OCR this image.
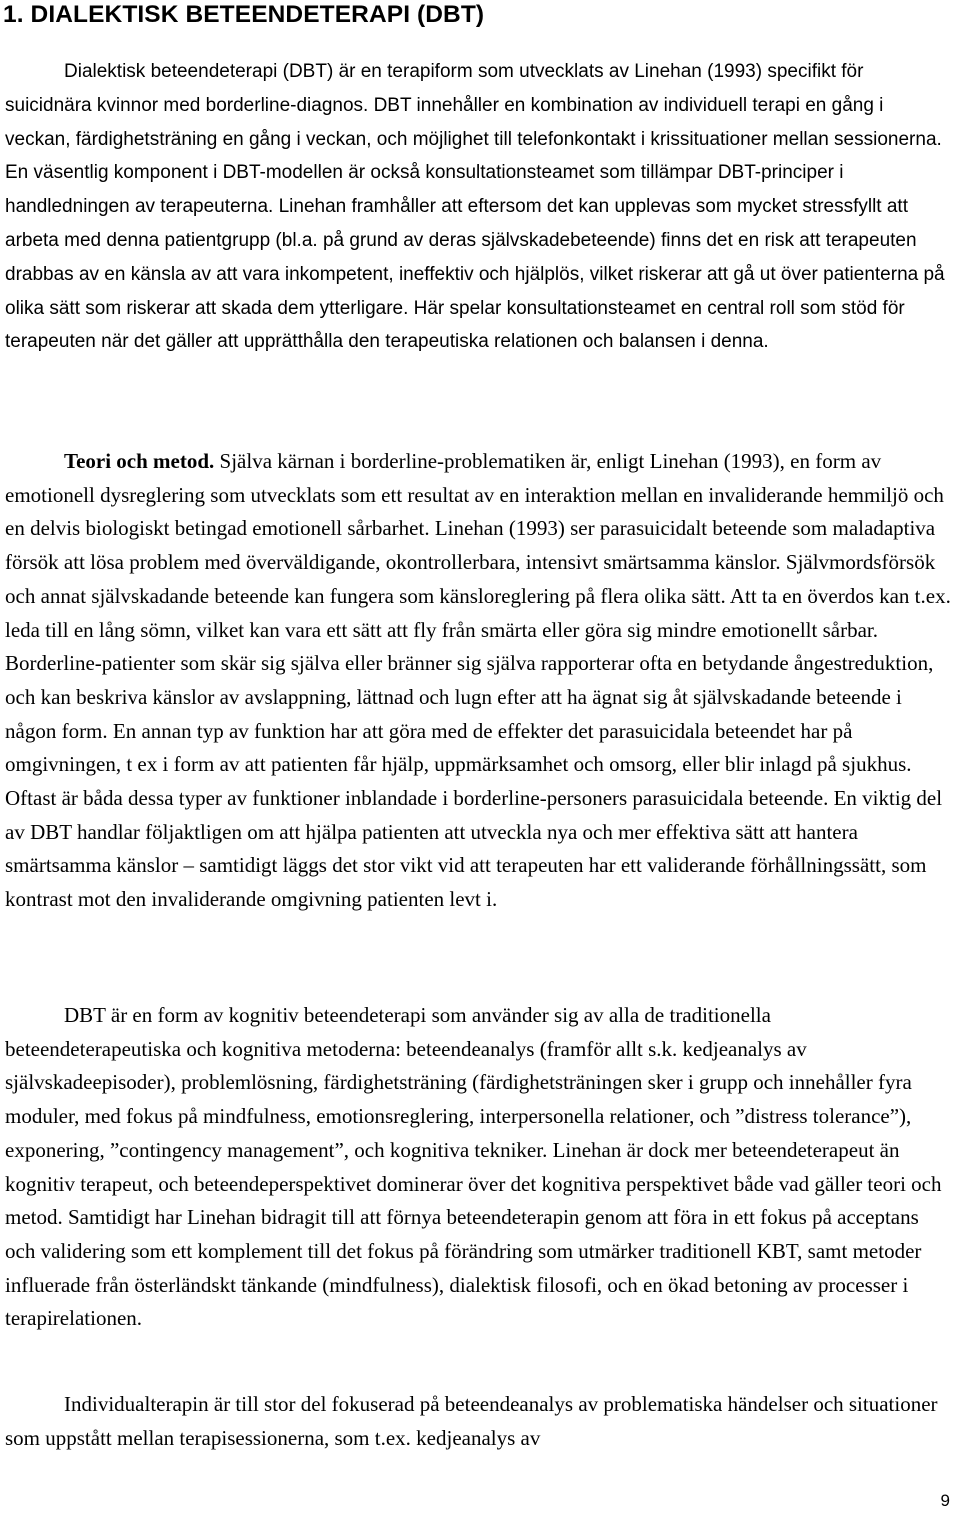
1. DIALEKTISK BETEENDETERAPI (DBT)

Dialektisk beteendeterapi (DBT) är en terapiform som utvecklats av Linehan (1993) specifikt för suicidnära kvinnor med borderline-diagnos. DBT innehåller en kombination av individuell terapi en gång i veckan, färdighetsträning en gång i veckan, och möjlighet till telefonkontakt i krissituationer mellan sessionerna. En väsentlig komponent i DBT-modellen är också konsultationsteamet som tillämpar DBT-principer i handledningen av terapeuterna. Linehan framhåller att eftersom det kan upplevas som mycket stressfyllt att arbeta med denna patientgrupp (bl.a. på grund av deras självskadebeteende) finns det en risk att terapeuten drabbas av en känsla av att vara inkompetent, ineffektiv och hjälplös, vilket riskerar att gå ut över patienterna på olika sätt som riskerar att skada dem ytterligare. Här spelar konsultationsteamet en central roll som stöd för terapeuten när det gäller att upprätthålla den terapeutiska relationen och balansen i denna.

Teori och metod. Själva kärnan i borderline-problematiken är, enligt Linehan (1993), en form av emotionell dysreglering som utvecklats som ett resultat av en interaktion mellan en invaliderande hemmiljö och en delvis biologiskt betingad emotionell sårbarhet. Linehan (1993) ser parasuicidalt beteende som maladaptiva försök att lösa problem med överväldigande, okontrollerbara, intensivt smärtsamma känslor. Självmordsförsök och annat självskadande beteende kan fungera som känsloreglering på flera olika sätt. Att ta en överdos kan t.ex. leda till en lång sömn, vilket kan vara ett sätt att fly från smärta eller göra sig mindre emotionellt sårbar. Borderline-patienter som skär sig själva eller bränner sig själva rapporterar ofta en betydande ångestreduktion, och kan beskriva känslor av avslappning, lättnad och lugn efter att ha ägnat sig åt självskadande beteende i någon form. En annan typ av funktion har att göra med de effekter det parasuicidala beteendet har på omgivningen, t ex i form av att patienten får hjälp, uppmärksamhet och omsorg, eller blir inlagd på sjukhus. Oftast är båda dessa typer av funktioner inblandade i borderline-personers parasuicidala beteende. En viktig del av DBT handlar följaktligen om att hjälpa patienten att utveckla nya och mer effektiva sätt att hantera smärtsamma känslor – samtidigt läggs det stor vikt vid att terapeuten har ett validerande förhållningssätt, som kontrast mot den invaliderande omgivning patienten levt i.

DBT är en form av kognitiv beteendeterapi som använder sig av alla de traditionella beteendeterapeutiska och kognitiva metoderna: beteendeanalys (framför allt s.k. kedjeanalys av självskadeepisoder), problemlösning, färdighetsträning (färdighetsträningen sker i grupp och innehåller fyra moduler, med fokus på mindfulness, emotionsreglering, interpersonella relationer, och ”distress tolerance”), exponering, ”contingency management”, och kognitiva tekniker. Linehan är dock mer beteendeterapeut än kognitiv terapeut, och beteendeperspektivet dominerar över det kognitiva perspektivet både vad gäller teori och metod. Samtidigt har Linehan bidragit till att förnya beteendeterapin genom att föra in ett fokus på acceptans och validering som ett komplement till det fokus på förändring som utmärker traditionell KBT, samt metoder influerade från österländskt tänkande (mindfulness), dialektisk filosofi, och en ökad betoning av processer i terapirelationen.

Individualterapin är till stor del fokuserad på beteendeanalys av problematiska händelser och situationer som uppstått mellan terapisessionerna, som t.ex. kedjeanalys av

9
